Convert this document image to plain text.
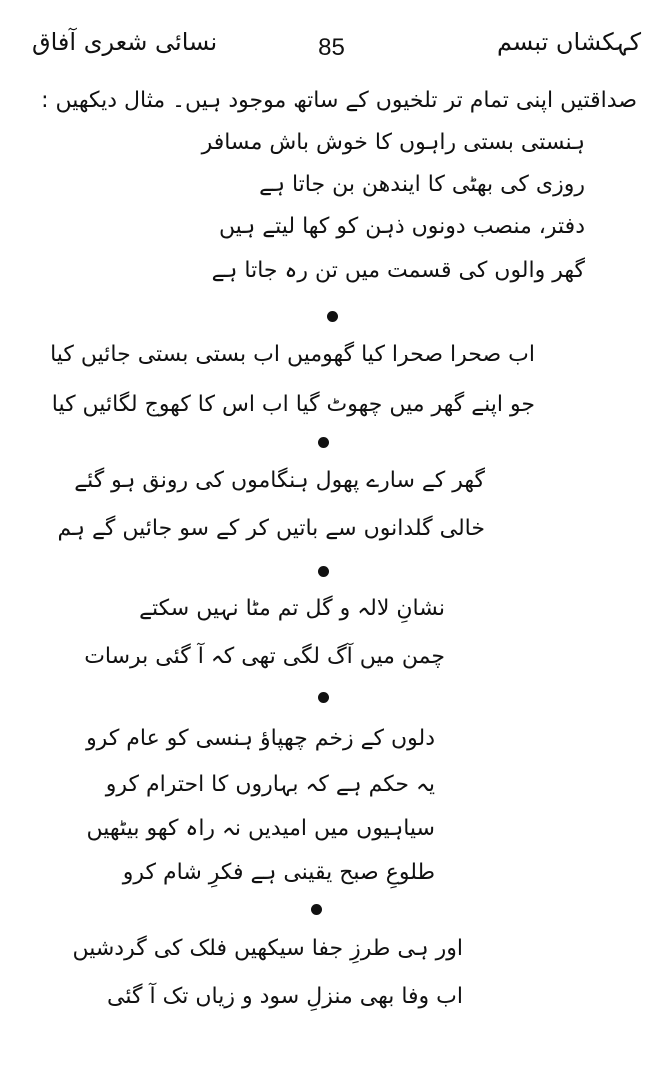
نسائی شعری آفاق	85	کہکشاں تبسم
صداقتیں اپنی تمام تر تلخیوں کے ساتھ موجود ہیں۔ مثال دیکھیں :
ہنستی بستی راہوں کا خوش باش مسافر
روزی کی بھٹی کا ایندھن بن جاتا ہے
دفتر، منصب دونوں ذہن کو کھا لیتے ہیں
گھر والوں کی قسمت میں تن رہ جاتا ہے
اب صحرا صحرا کیا گھومیں اب بستی بستی جائیں کیا
جو اپنے گھر میں چھوٹ گیا اب اس کا کھوج لگائیں کیا
گھر کے سارے پھول ہنگاموں کی رونق ہو گئے
خالی گلدانوں سے باتیں کر کے سو جائیں گے ہم
نشانِ لالہ و گل تم مٹا نہیں سکتے
چمن میں آگ لگی تھی کہ آ گئی برسات
دلوں کے زخم چھپاؤ ہنسی کو عام کرو
یہ حکم ہے کہ بہاروں کا احترام کرو
سیاہیوں میں امیدیں نہ راہ کھو بیٹھیں
طلوعِ صبح یقینی ہے فکرِ شام کرو
اور ہی طرزِ جفا سیکھیں فلک کی گردشیں
اب وفا بھی منزلِ سود و زیاں تک آ گئی
